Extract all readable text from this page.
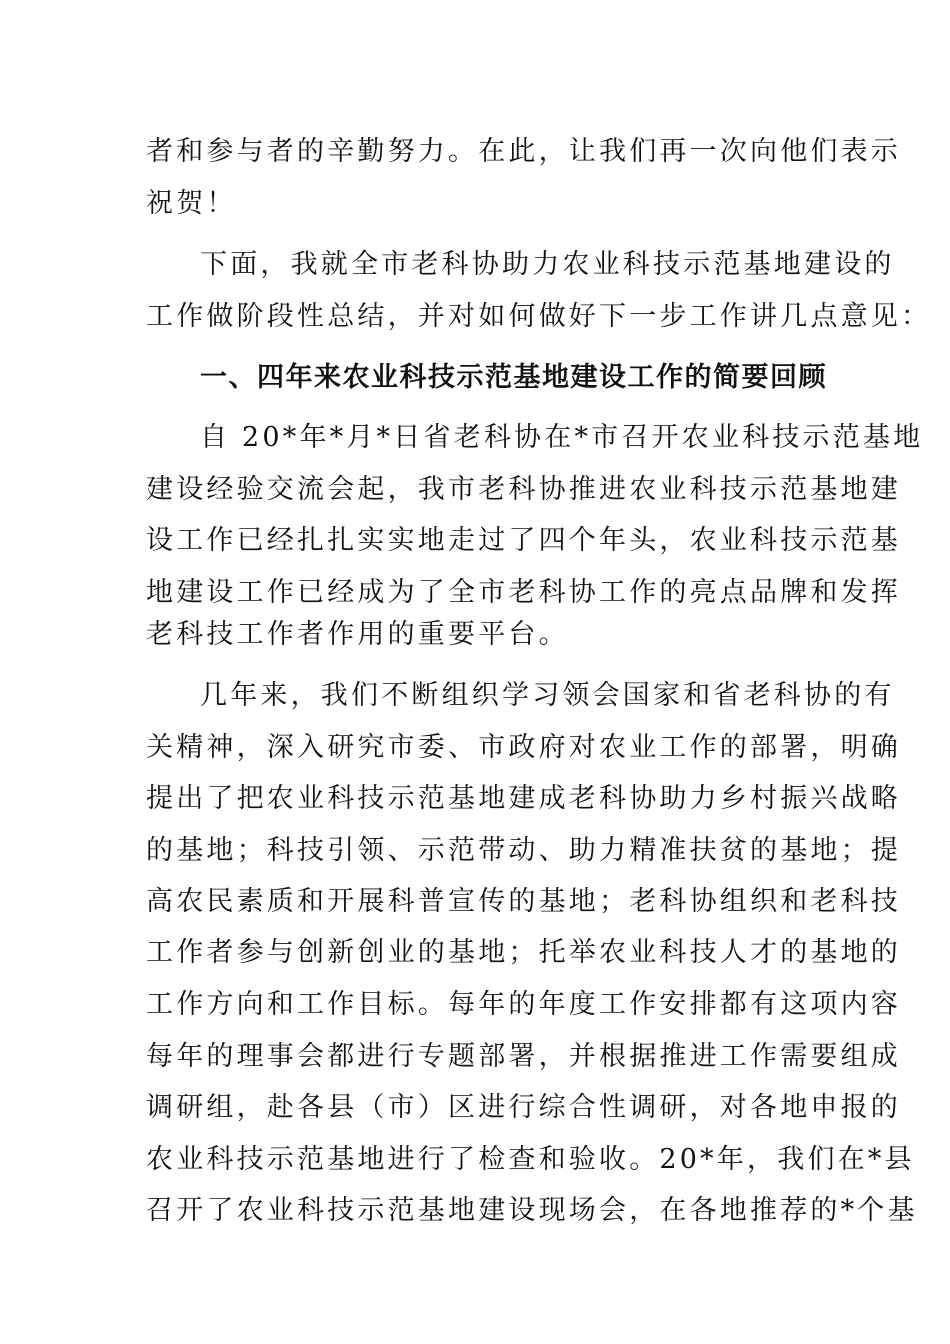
者和参与者的辛勤努力。在此，让我们再一次向他们表示
祝贺！
下面，我就全市老科协助力农业科技示范基地建设的
工作做阶段性总结，并对如何做好下一步工作讲几点意见：
一、四年来农业科技示范基地建设工作的简要回顾
自 20*年*月*日省老科协在*市召开农业科技示范基地
建设经验交流会起，我市老科协推进农业科技示范基地建
设工作已经扎扎实实地走过了四个年头，农业科技示范基
地建设工作已经成为了全市老科协工作的亮点品牌和发挥
老科技工作者作用的重要平台。
几年来，我们不断组织学习领会国家和省老科协的有
关精神，深入研究市委、市政府对农业工作的部署，明确
提出了把农业科技示范基地建成老科协助力乡村振兴战略
的基地；科技引领、示范带动、助力精准扶贫的基地；提
高农民素质和开展科普宣传的基地；老科协组织和老科技
工作者参与创新创业的基地；托举农业科技人才的基地的
工作方向和工作目标。每年的年度工作安排都有这项内容
每年的理事会都进行专题部署，并根据推进工作需要组成
调研组，赴各县（市）区进行综合性调研，对各地申报的
农业科技示范基地进行了检查和验收。20*年，我们在*县
召开了农业科技示范基地建设现场会，在各地推荐的*个基
